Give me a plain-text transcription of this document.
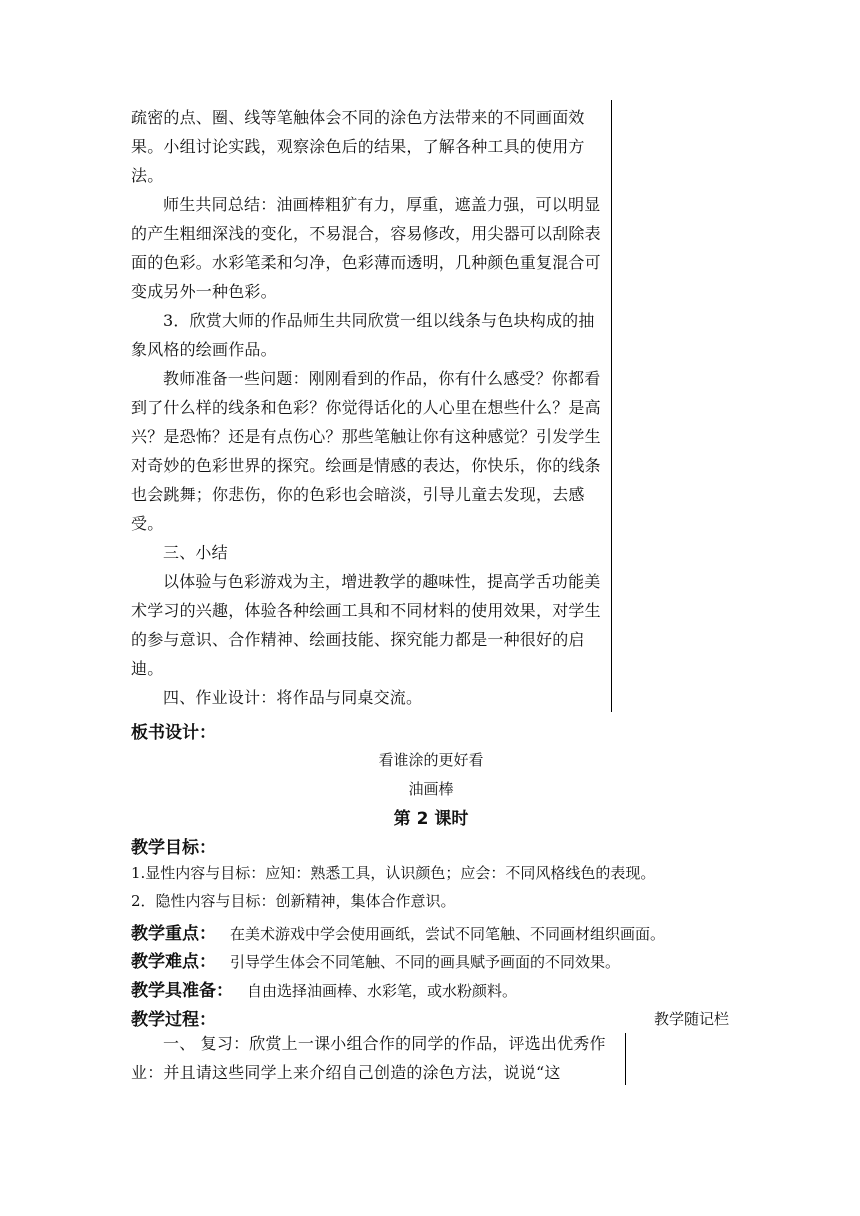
疏密的点、圈、线等笔触体会不同的涂色方法带来的不同画面效果。小组讨论实践，观察涂色后的结果，了解各种工具的使用方法。

师生共同总结：油画棒粗犷有力，厚重，遮盖力强，可以明显的产生粗细深浅的变化，不易混合，容易修改，用尖器可以刮除表面的色彩。水彩笔柔和匀净，色彩薄而透明，几种颜色重复混合可变成另外一种色彩。

3．欣赏大师的作品师生共同欣赏一组以线条与色块构成的抽象风格的绘画作品。

教师准备一些问题：刚刚看到的作品，你有什么感受？你都看到了什么样的线条和色彩？你觉得话化的人心里在想些什么？是高兴？是恐怖？还是有点伤心？那些笔触让你有这种感觉？引发学生对奇妙的色彩世界的探究。绘画是情感的表达，你快乐，你的线条也会跳舞；你悲伤，你的色彩也会暗淡，引导儿童去发现，去感受。

三、小结

以体验与色彩游戏为主，增进教学的趣味性，提高学舌功能美术学习的兴趣，体验各种绘画工具和不同材料的使用效果，对学生的参与意识、合作精神、绘画技能、探究能力都是一种很好的启迪。

四、作业设计：将作品与同桌交流。

板书设计：
看谁涂的更好看
油画棒
第 2 课时
教学目标：
1.显性内容与目标：应知：熟悉工具，认识颜色；应会：不同风格线色的表现。
2．隐性内容与目标：创新精神，集体合作意识。
教学重点： 在美术游戏中学会使用画纸，尝试不同笔触、不同画材组织画面。
教学难点： 引导学生体会不同笔触、不同的画具赋予画面的不同效果。
教学具准备： 自由选择油画棒、水彩笔，或水粉颜料。
教学过程：	教学随记栏
一、 复习：欣赏上一课小组合作的同学的作品，评选出优秀作业：并且请这些同学上来介绍自己创造的涂色方法，说说“这
